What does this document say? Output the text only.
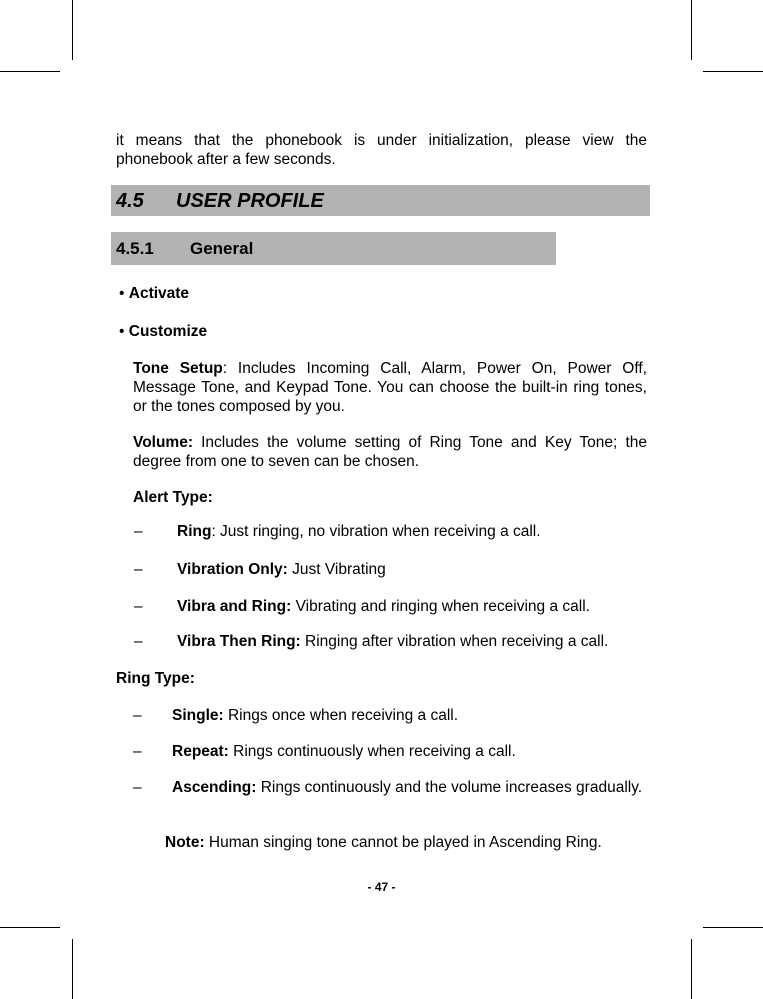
it means that the phonebook is under initialization, please view the phonebook after a few seconds.

4.5 USER PROFILE
4.5.1 General
• Activate
• Customize

Tone Setup: Includes Incoming Call, Alarm, Power On, Power Off, Message Tone, and Keypad Tone. You can choose the built-in ring tones, or the tones composed by you.

Volume: Includes the volume setting of Ring Tone and Key Tone; the degree from one to seven can be chosen.

Alert Type:
– Ring: Just ringing, no vibration when receiving a call.
– Vibration Only: Just Vibrating
– Vibra and Ring: Vibrating and ringing when receiving a call.
– Vibra Then Ring: Ringing after vibration when receiving a call.
Ring Type:
– Single: Rings once when receiving a call.
– Repeat: Rings continuously when receiving a call.
– Ascending: Rings continuously and the volume increases gradually.

Note: Human singing tone cannot be played in Ascending Ring.
- 47 -
